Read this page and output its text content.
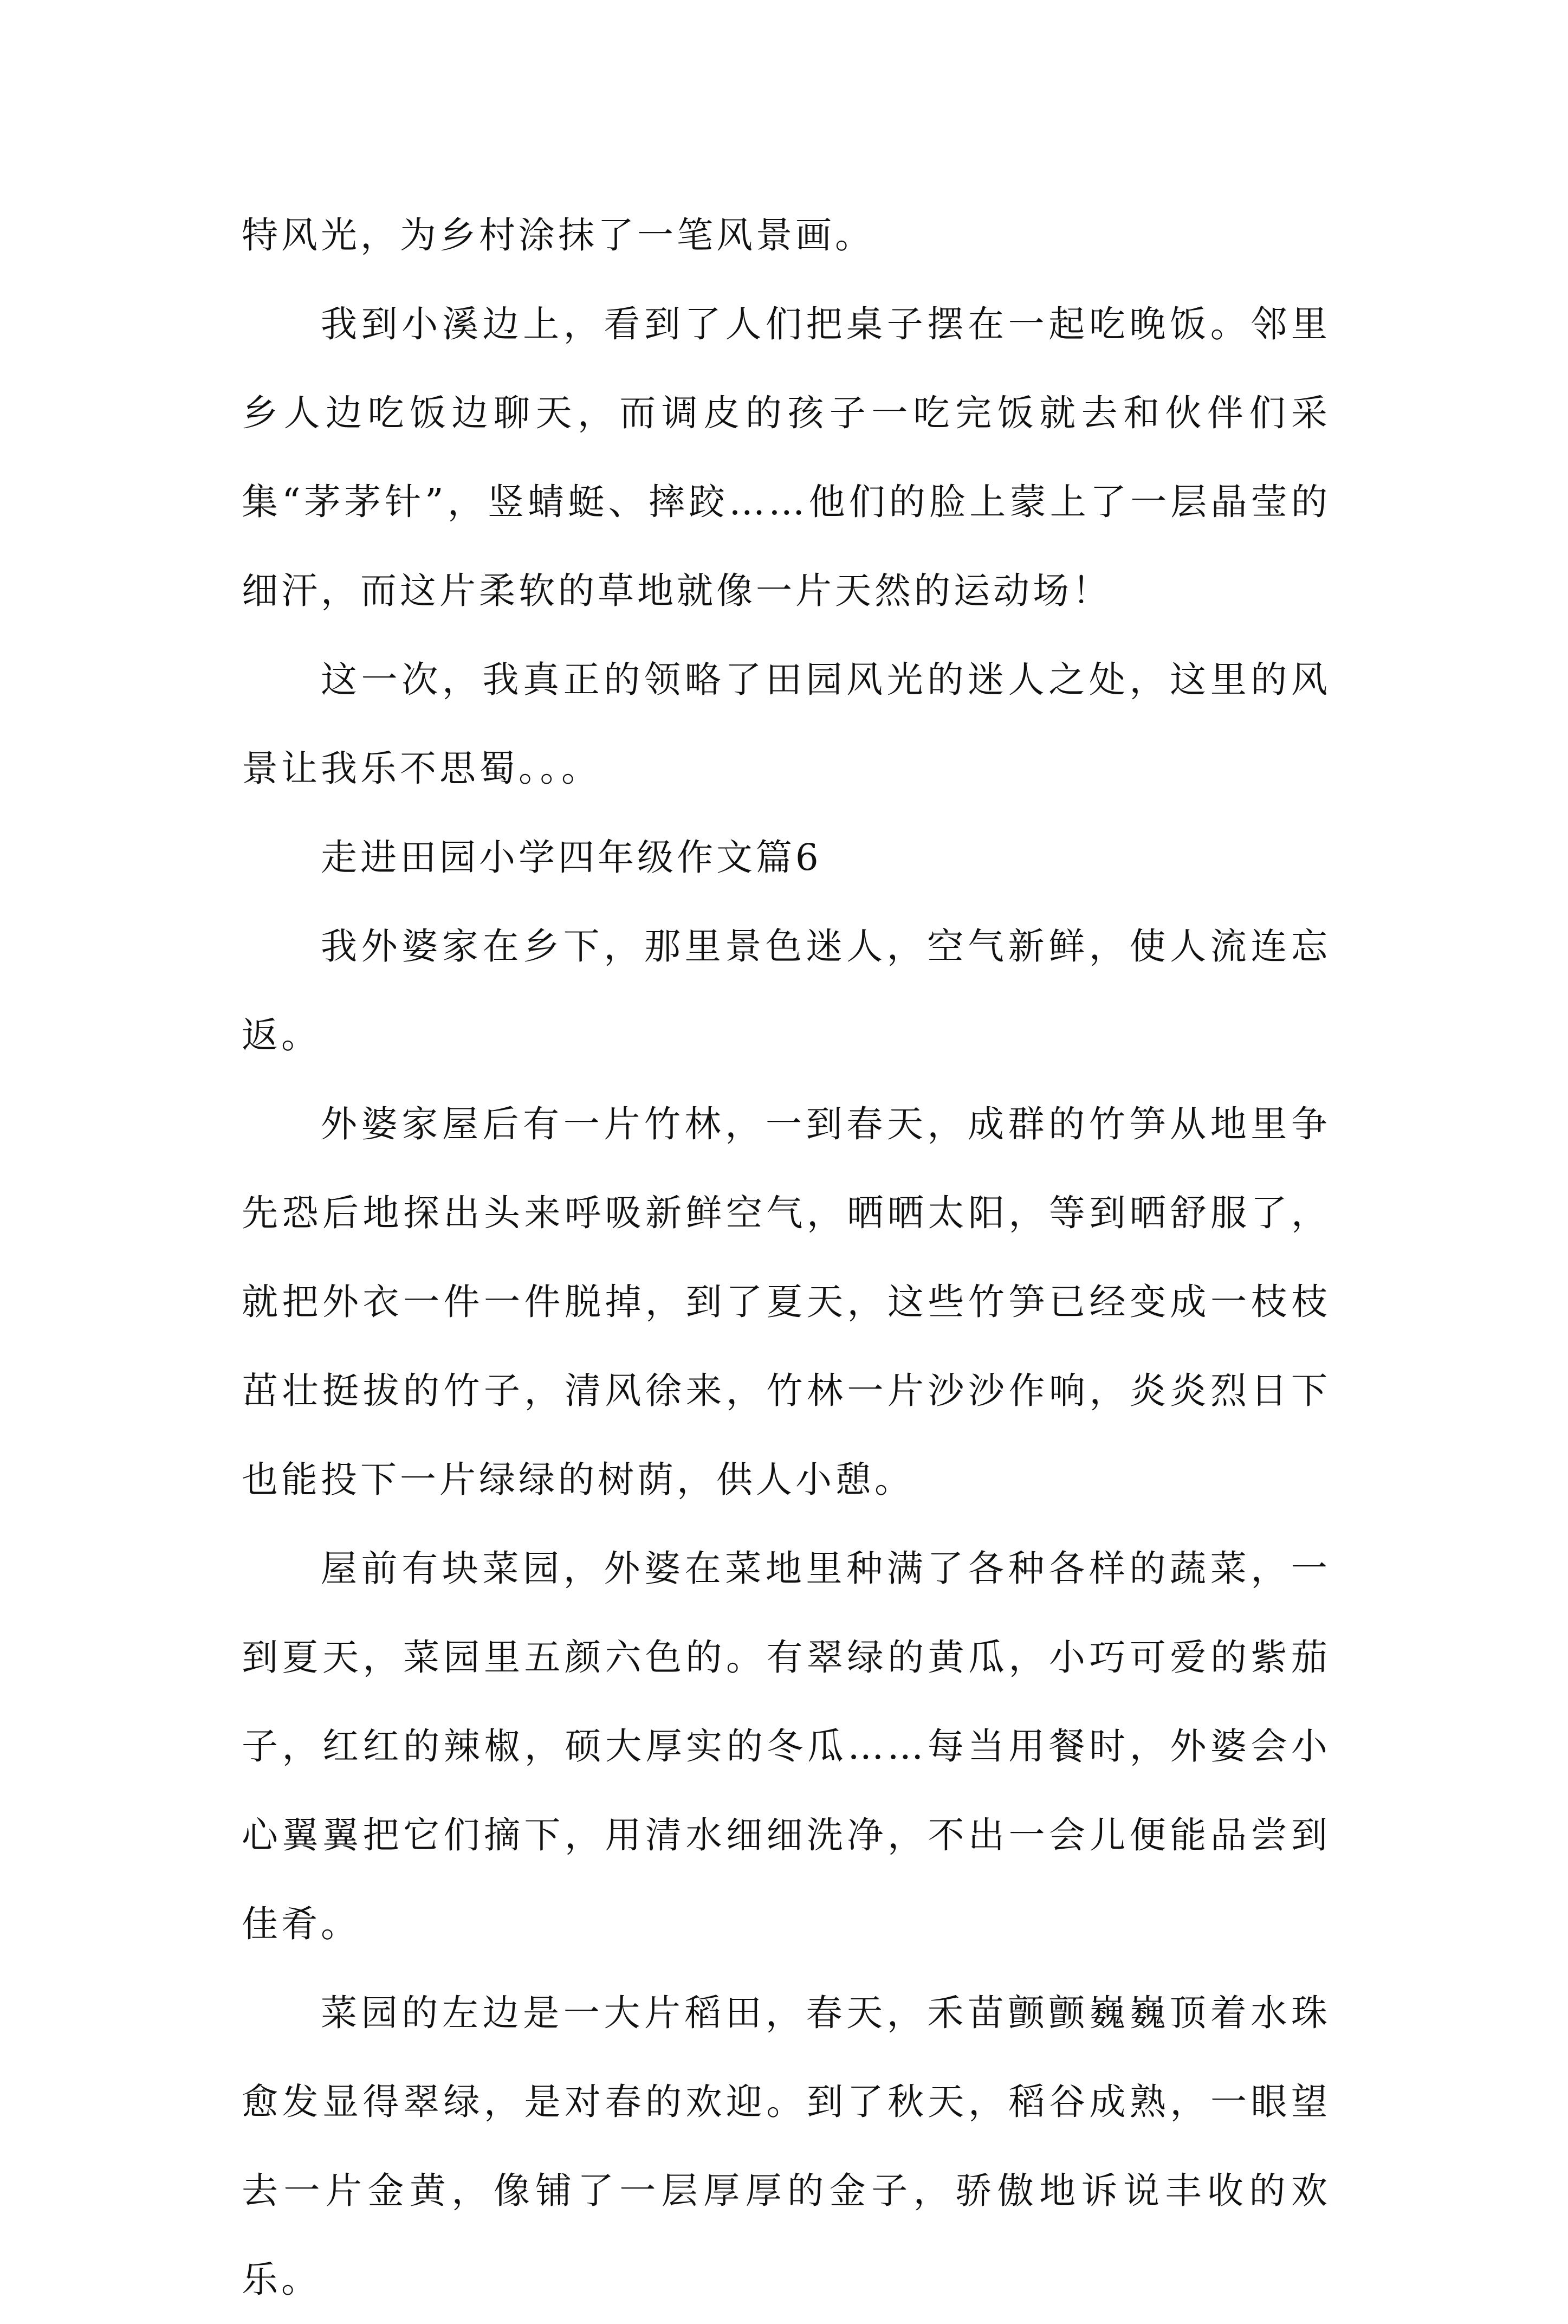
特风光，为乡村涂抹了一笔风景画。

我到小溪边上，看到了人们把桌子摆在一起吃晚饭。邻里乡人边吃饭边聊天，而调皮的孩子一吃完饭就去和伙伴们采集“茅茅针”，竖蜻蜓、摔跤……他们的脸上蒙上了一层晶莹的细汗，而这片柔软的草地就像一片天然的运动场！

这一次，我真正的领略了田园风光的迷人之处，这里的风景让我乐不思蜀。。。

走进田园小学四年级作文篇6

我外婆家在乡下，那里景色迷人，空气新鲜，使人流连忘返。

外婆家屋后有一片竹林，一到春天，成群的竹笋从地里争先恐后地探出头来呼吸新鲜空气，晒晒太阳，等到晒舒服了，就把外衣一件一件脱掉，到了夏天，这些竹笋已经变成一枝枝茁壮挺拔的竹子，清风徐来，竹林一片沙沙作响，炎炎烈日下也能投下一片绿绿的树荫，供人小憩。

屋前有块菜园，外婆在菜地里种满了各种各样的蔬菜，一到夏天，菜园里五颜六色的。有翠绿的黄瓜，小巧可爱的紫茄子，红红的辣椒，硕大厚实的冬瓜……每当用餐时，外婆会小心翼翼把它们摘下，用清水细细洗净，不出一会儿便能品尝到佳肴。

菜园的左边是一大片稻田，春天，禾苗颤颤巍巍顶着水珠愈发显得翠绿，是对春的欢迎。到了秋天，稻谷成熟，一眼望去一片金黄，像铺了一层厚厚的金子，骄傲地诉说丰收的欢乐。
